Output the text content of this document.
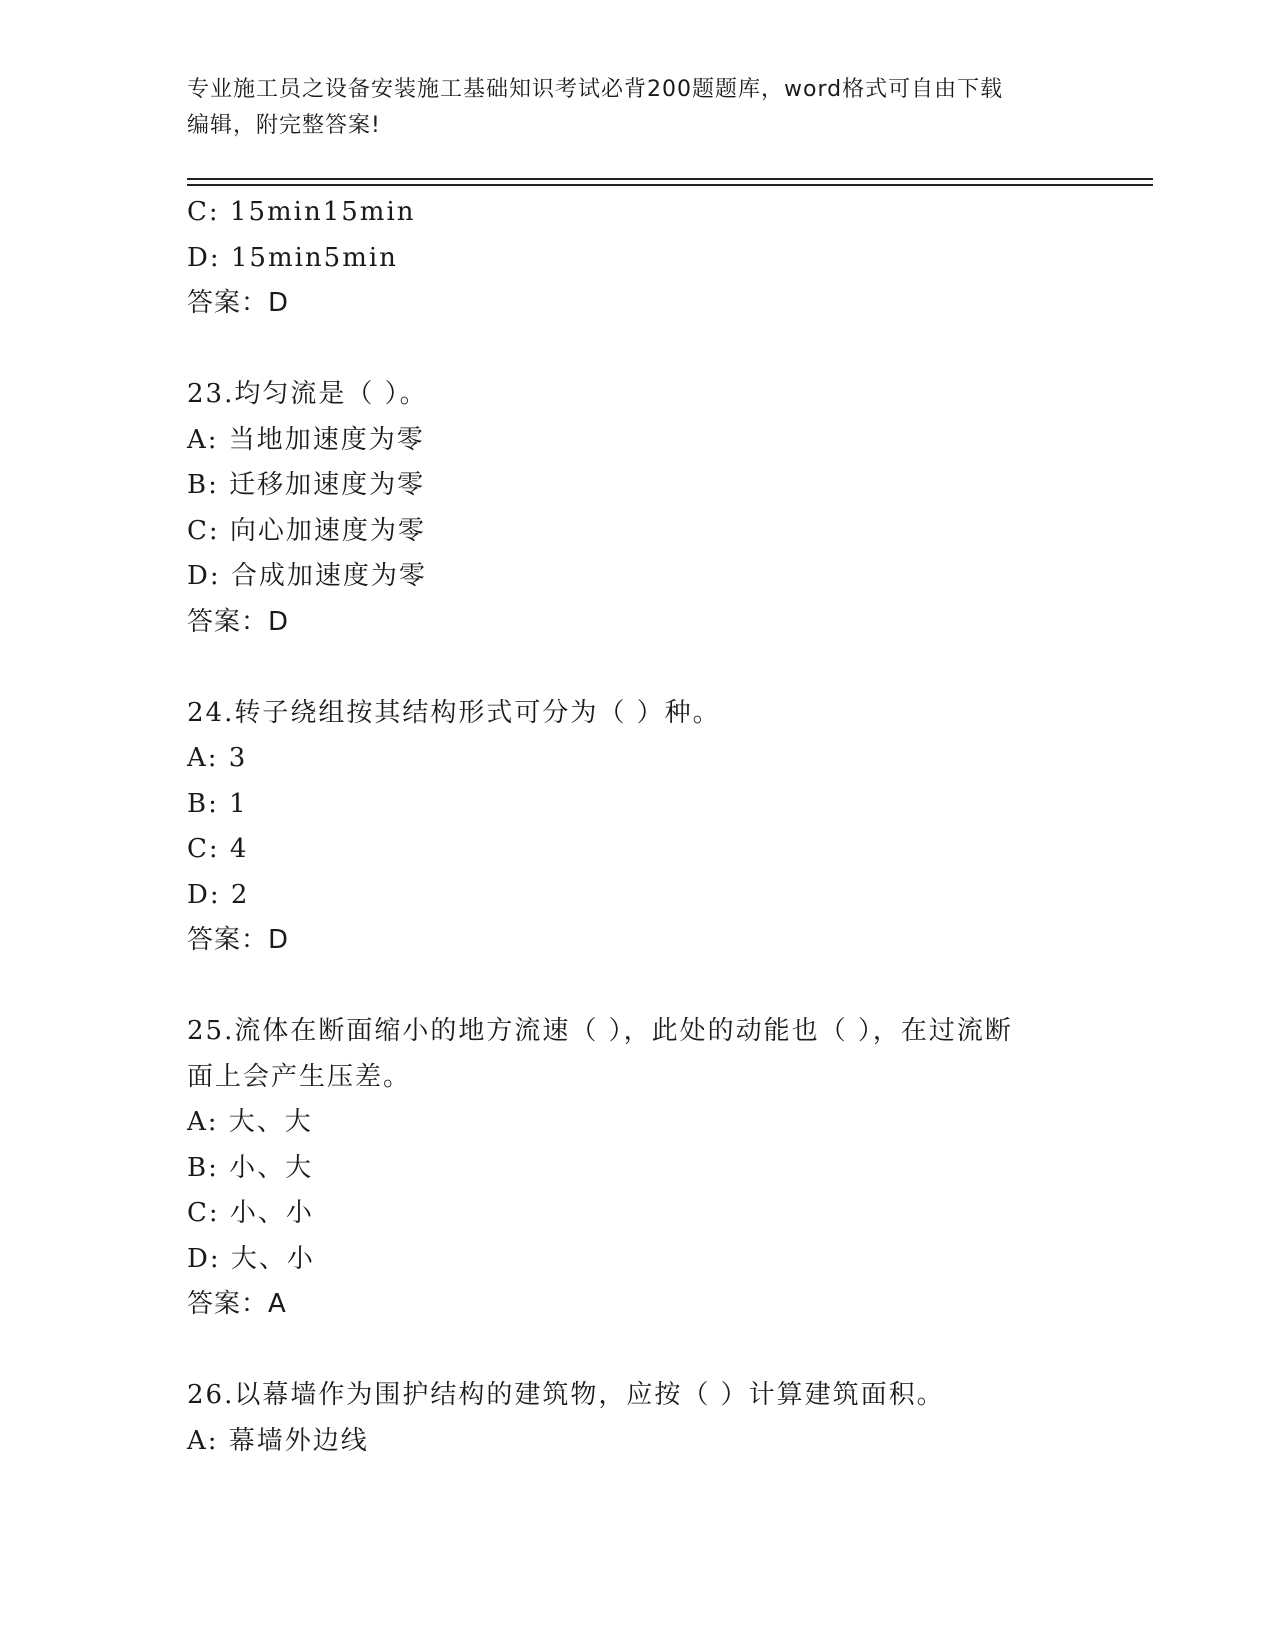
专业施工员之设备安装施工基础知识考试必背200题题库，word格式可自由下载
编辑，附完整答案!
C: 15min15min
D: 15min5min
答案：D
23.均匀流是（ ）。
A: 当地加速度为零
B: 迁移加速度为零
C: 向心加速度为零
D: 合成加速度为零
答案：D
24.转子绕组按其结构形式可分为（ ）种。
A: 3
B: 1
C: 4
D: 2
答案：D
25.流体在断面缩小的地方流速（ ），此处的动能也（ ），在过流断
面上会产生压差。
A: 大、大
B: 小、大
C: 小、小
D: 大、小
答案：A
26.以幕墙作为围护结构的建筑物，应按（ ）计算建筑面积。
A: 幕墙外边线
